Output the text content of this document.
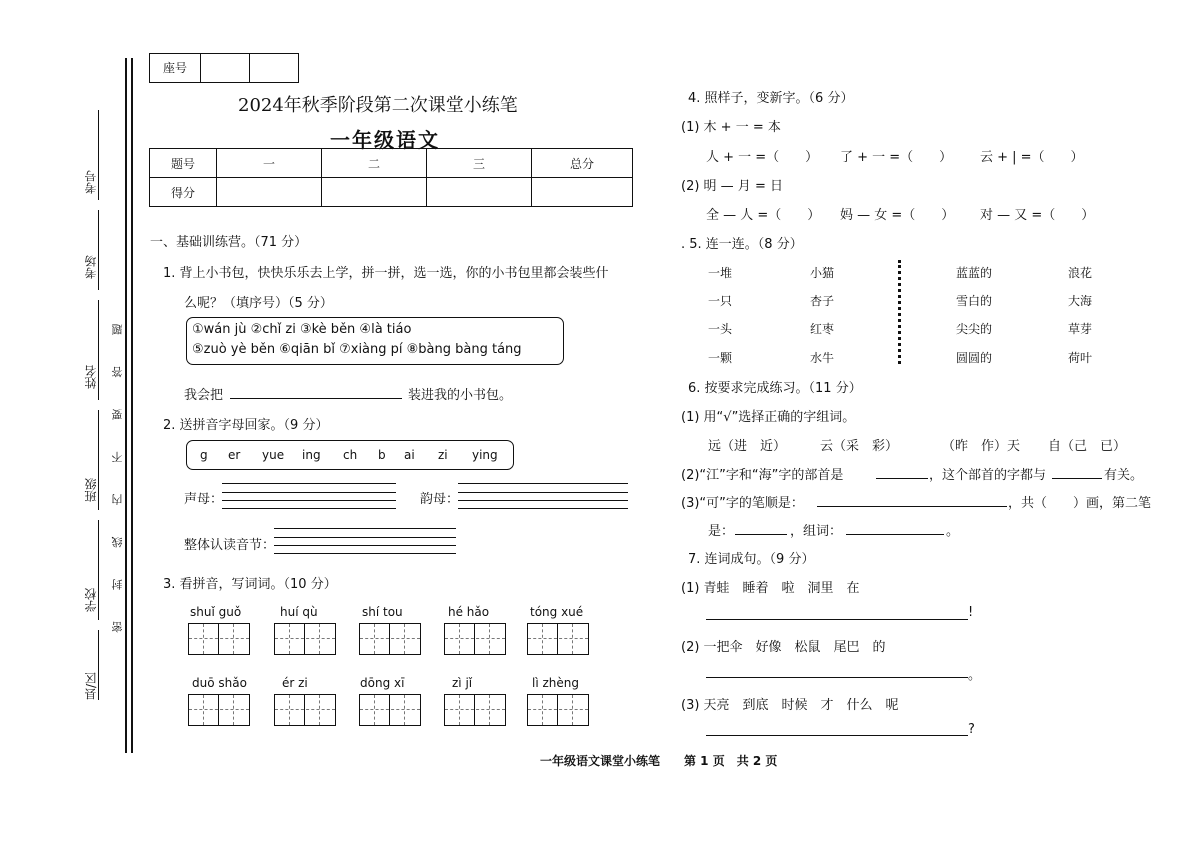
考号
考场
姓名
班级
学校
县/区
密 封 线 内 不 要 答 题
座号
2024年秋季阶段第二次课堂小练笔
一年级语文
题号	一	二	三	总分
得分				
一、基础训练营。（71 分）
1. 背上小书包，快快乐乐去上学，拼一拼，选一选，你的小书包里都会装些什
么呢？（填序号）（5 分）
①wán jù ②chǐ zi ③kè běn ④là tiáo
⑤zuò yè běn ⑥qiān bǐ ⑦xiàng pí ⑧bàng bàng táng
我会把	装进我的小书包。
2. 送拼音字母回家。（9 分）
g er yue ing ch b ai zi ying
声母：	韵母：
整体认读音节：
3. 看拼音，写词词。（10 分）
shuǐ guǒ	huí qù	shí tou	hé hǎo	tóng xué
duō shǎo	ér zi	dōng xī	zì jǐ	lì zhèng
4. 照样子，变新字。（6 分）
(1) 木 + 一 = 本
人 + 一 =（　　） 了 + 一 =（　　） 云 + | =（　　）
(2) 明 — 月 = 日
全 — 人 =（　　） 妈 — 女 =（　　） 对 — 又 =（　　）
. 5. 连一连。（8 分）
一堆
一只
一头
一颗
小猫
杏子
红枣
水牛
蓝蓝的
雪白的
尖尖的
圆圆的
浪花
大海
草芽
荷叶
6. 按要求完成练习。（11 分）
(1) 用“√”选择正确的字组词。
远（进　近）	云（采　彩）	（昨　作）天 自（己　已）
(2)“江”字和“海”字的部首是	，这个部首的字都与	有关。
(3)“可”字的笔顺是：	，共（　　）画，第二笔
是：	，组词：	。
7. 连词成句。（9 分）
(1) 青蛙　睡着　啦　洞里　在
!
(2) 一把伞　好像　松鼠　尾巴　的
。
(3) 天亮　到底　时候　才　什么　呢
?
一年级语文课堂小练笔　　第 1 页　共 2 页
